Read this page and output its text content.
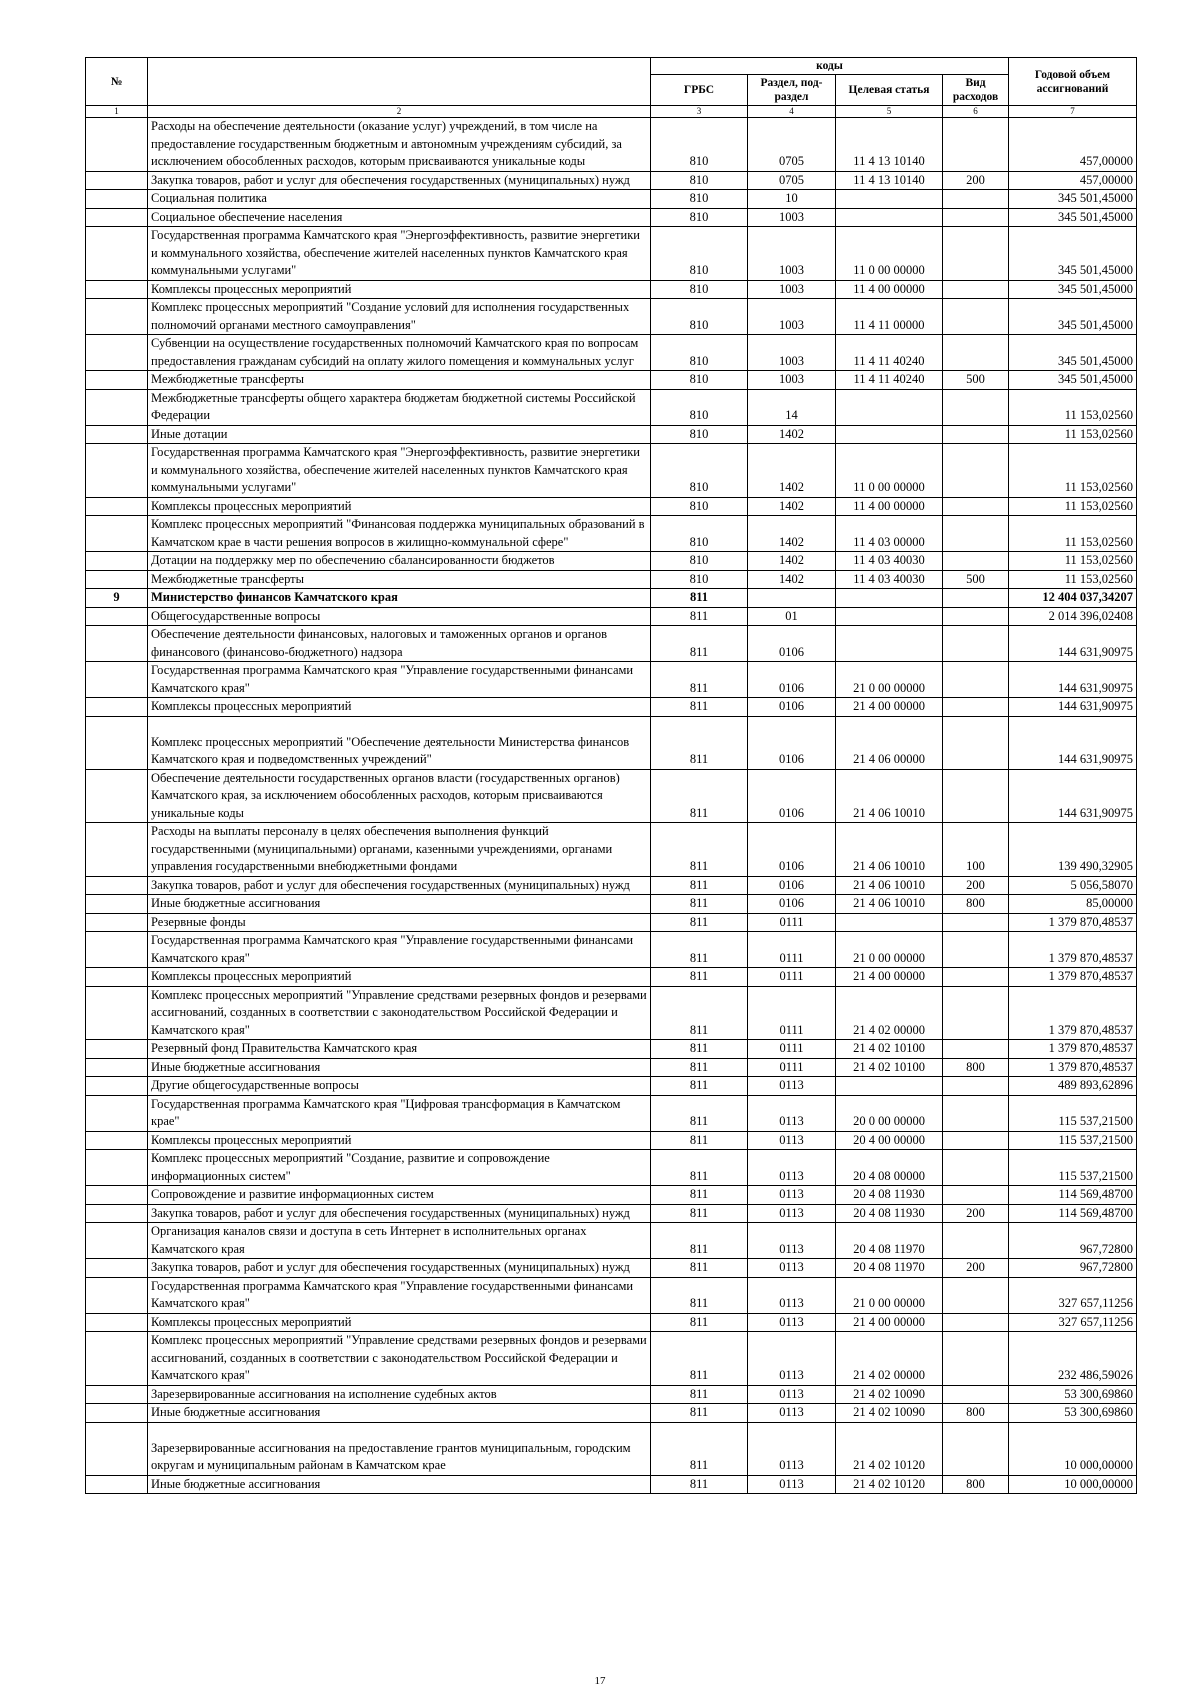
№		коды				Годовой объем ассигнований
		ГРБС	Раздел, под-раздел	Целевая статья	Вид расходов	
1	2	3	4	5	6	7
	Расходы на обеспечение деятельности (оказание услуг) учреждений, в том числе на предоставление государственным бюджетным и автономным учреждениям субсидий, за исключением обособленных расходов, которым присваиваются уникальные коды	810	0705	11 4 13 10140		457,00000
	Закупка товаров, работ и услуг для обеспечения государственных (муниципальных) нужд	810	0705	11 4 13 10140	200	457,00000
	Социальная политика	810	10			345 501,45000
	Социальное обеспечение населения	810	1003			345 501,45000
	Государственная программа Камчатского края "Энергоэффективность, развитие энергетики и коммунального хозяйства, обеспечение жителей населенных пунктов Камчатского края коммунальными услугами"	810	1003	11 0 00 00000		345 501,45000
	Комплексы процессных мероприятий	810	1003	11 4 00 00000		345 501,45000
	Комплекс процессных мероприятий "Создание условий для исполнения государственных полномочий органами местного самоуправления"	810	1003	11 4 11 00000		345 501,45000
	Субвенции на осуществление государственных полномочий Камчатского края по вопросам предоставления гражданам субсидий на оплату жилого помещения и коммунальных услуг	810	1003	11 4 11 40240		345 501,45000
	Межбюджетные трансферты	810	1003	11 4 11 40240	500	345 501,45000
	Межбюджетные трансферты общего характера бюджетам бюджетной системы Российской Федерации	810	14			11 153,02560
	Иные дотации	810	1402			11 153,02560
	Государственная программа Камчатского края "Энергоэффективность, развитие энергетики и коммунального хозяйства, обеспечение жителей населенных пунктов Камчатского края коммунальными услугами"	810	1402	11 0 00 00000		11 153,02560
	Комплексы процессных мероприятий	810	1402	11 4 00 00000		11 153,02560
	Комплекс процессных мероприятий "Финансовая поддержка муниципальных образований в Камчатском крае в части решения вопросов в жилищно-коммунальной сфере"	810	1402	11 4 03 00000		11 153,02560
	Дотации на поддержку мер по обеспечению сбалансированности бюджетов	810	1402	11 4 03 40030		11 153,02560
	Межбюджетные трансферты	810	1402	11 4 03 40030	500	11 153,02560
9	Министерство финансов Камчатского края	811				12 404 037,34207
	Общегосударственные вопросы	811	01			2 014 396,02408
	Обеспечение деятельности финансовых, налоговых и таможенных органов и органов финансового (финансово-бюджетного) надзора	811	0106			144 631,90975
	Государственная программа Камчатского края "Управление государственными финансами Камчатского края"	811	0106	21 0 00 00000		144 631,90975
	Комплексы процессных мероприятий	811	0106	21 4 00 00000		144 631,90975
	Комплекс процессных мероприятий "Обеспечение деятельности Министерства финансов Камчатского края и подведомственных учреждений"	811	0106	21 4 06 00000		144 631,90975
	Обеспечение деятельности государственных органов власти (государственных органов) Камчатского края, за исключением обособленных расходов, которым присваиваются уникальные коды	811	0106	21 4 06 10010		144 631,90975
	Расходы на выплаты персоналу в целях обеспечения выполнения функций государственными (муниципальными) органами, казенными учреждениями, органами управления государственными внебюджетными фондами	811	0106	21 4 06 10010	100	139 490,32905
	Закупка товаров, работ и услуг для обеспечения государственных (муниципальных) нужд	811	0106	21 4 06 10010	200	5 056,58070
	Иные бюджетные ассигнования	811	0106	21 4 06 10010	800	85,00000
	Резервные фонды	811	0111			1 379 870,48537
	Государственная программа Камчатского края "Управление государственными финансами Камчатского края"	811	0111	21 0 00 00000		1 379 870,48537
	Комплексы процессных мероприятий	811	0111	21 4 00 00000		1 379 870,48537
	Комплекс процессных мероприятий "Управление средствами резервных фондов и резервами ассигнований, созданных в соответствии с законодательством Российской Федерации и Камчатского края"	811	0111	21 4 02 00000		1 379 870,48537
	Резервный фонд Правительства Камчатского края	811	0111	21 4 02 10100		1 379 870,48537
	Иные бюджетные ассигнования	811	0111	21 4 02 10100	800	1 379 870,48537
	Другие общегосударственные вопросы	811	0113			489 893,62896
	Государственная программа Камчатского края "Цифровая трансформация в Камчатском крае"	811	0113	20 0 00 00000		115 537,21500
	Комплексы процессных мероприятий	811	0113	20 4 00 00000		115 537,21500
	Комплекс процессных мероприятий "Создание, развитие и сопровождение информационных систем"	811	0113	20 4 08 00000		115 537,21500
	Сопровождение и развитие информационных систем	811	0113	20 4 08 11930		114 569,48700
	Закупка товаров, работ и услуг для обеспечения государственных (муниципальных) нужд	811	0113	20 4 08 11930	200	114 569,48700
	Организация каналов связи и доступа в сеть Интернет в исполнительных органах Камчатского края	811	0113	20 4 08 11970		967,72800
	Закупка товаров, работ и услуг для обеспечения государственных (муниципальных) нужд	811	0113	20 4 08 11970	200	967,72800
	Государственная программа Камчатского края "Управление государственными финансами Камчатского края"	811	0113	21 0 00 00000		327 657,11256
	Комплексы процессных мероприятий	811	0113	21 4 00 00000		327 657,11256
	Комплекс процессных мероприятий "Управление средствами резервных фондов и резервами ассигнований, созданных в соответствии с законодательством Российской Федерации и Камчатского края"	811	0113	21 4 02 00000		232 486,59026
	Зарезервированные ассигнования на исполнение судебных актов	811	0113	21 4 02 10090		53 300,69860
	Иные бюджетные ассигнования	811	0113	21 4 02 10090	800	53 300,69860
	Зарезервированные ассигнования на предоставление грантов муниципальным, городским округам и муниципальным районам в Камчатском крае	811	0113	21 4 02 10120		10 000,00000
	Иные бюджетные ассигнования	811	0113	21 4 02 10120	800	10 000,00000
17
